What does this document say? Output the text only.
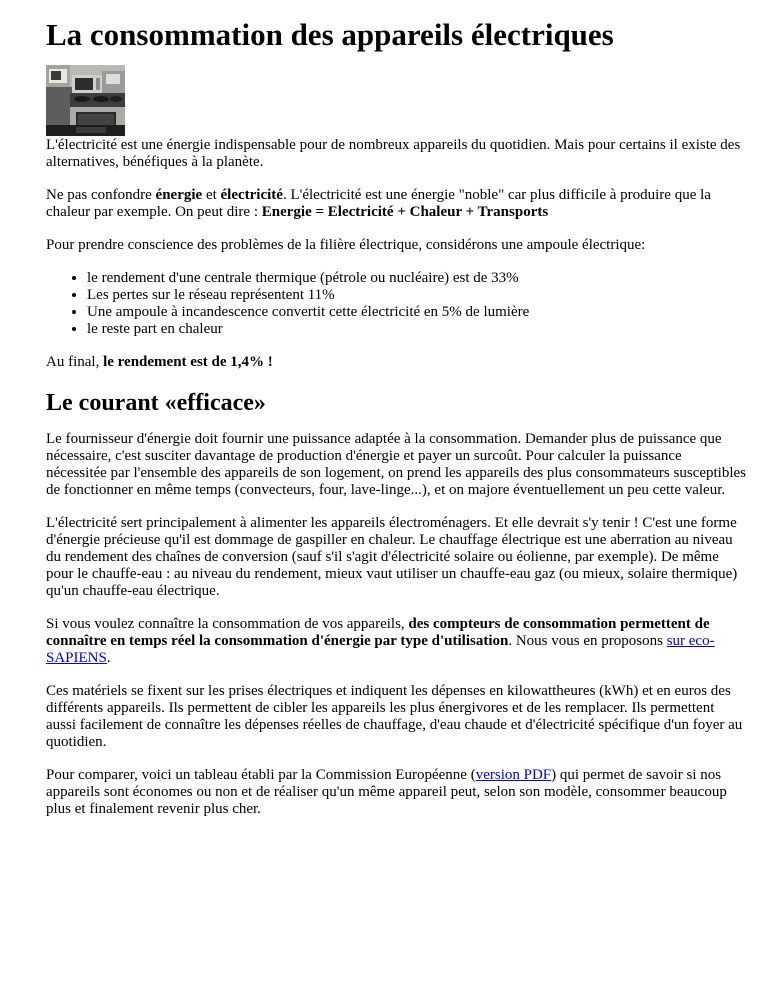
La consommation des appareils électriques

L'électricité est une énergie indispensable pour de nombreux appareils du quotidien. Mais pour certains il existe des alternatives, bénéfiques à la planète.

Ne pas confondre énergie et électricité. L'électricité est une énergie "noble" car plus difficile à produire que la chaleur par exemple. On peut dire : Energie = Electricité + Chaleur + Transports

Pour prendre conscience des problèmes de la filière électrique, considérons une ampoule électrique:

• le rendement d'une centrale thermique (pétrole ou nucléaire) est de 33%
• Les pertes sur le réseau représentent 11%
• Une ampoule à incandescence convertit cette électricité en 5% de lumière
• le reste part en chaleur

Au final, le rendement est de 1,4% !

Le courant «efficace»

Le fournisseur d'énergie doit fournir une puissance adaptée à la consommation. Demander plus de puissance que nécessaire, c'est susciter davantage de production d'énergie et payer un surcoût. Pour calculer la puissance nécessitée par l'ensemble des appareils de son logement, on prend les appareils des plus consommateurs susceptibles de fonctionner en même temps (convecteurs, four, lave-linge...), et on majore éventuellement un peu cette valeur.

L'électricité sert principalement à alimenter les appareils électroménagers. Et elle devrait s'y tenir ! C'est une forme d'énergie précieuse qu'il est dommage de gaspiller en chaleur. Le chauffage électrique est une aberration au niveau du rendement des chaînes de conversion (sauf s'il s'agit d'électricité solaire ou éolienne, par exemple). De même pour le chauffe-eau : au niveau du rendement, mieux vaut utiliser un chauffe-eau gaz (ou mieux, solaire thermique) qu'un chauffe-eau électrique.

Si vous voulez connaître la consommation de vos appareils, des compteurs de consommation permettent de connaître en temps réel la consommation d'énergie par type d'utilisation. Nous vous en proposons sur eco-SAPIENS.

Ces matériels se fixent sur les prises électriques et indiquent les dépenses en kilowattheures (kWh) et en euros des différents appareils. Ils permettent de cibler les appareils les plus énergivores et de les remplacer. Ils permettent aussi facilement de connaître les dépenses réelles de chauffage, d'eau chaude et d'électricité spécifique d'un foyer au quotidien.

Pour comparer, voici un tableau établi par la Commission Européenne (version PDF) qui permet de savoir si nos appareils sont économes ou non et de réaliser qu'un même appareil peut, selon son modèle, consommer beaucoup plus et finalement revenir plus cher.
